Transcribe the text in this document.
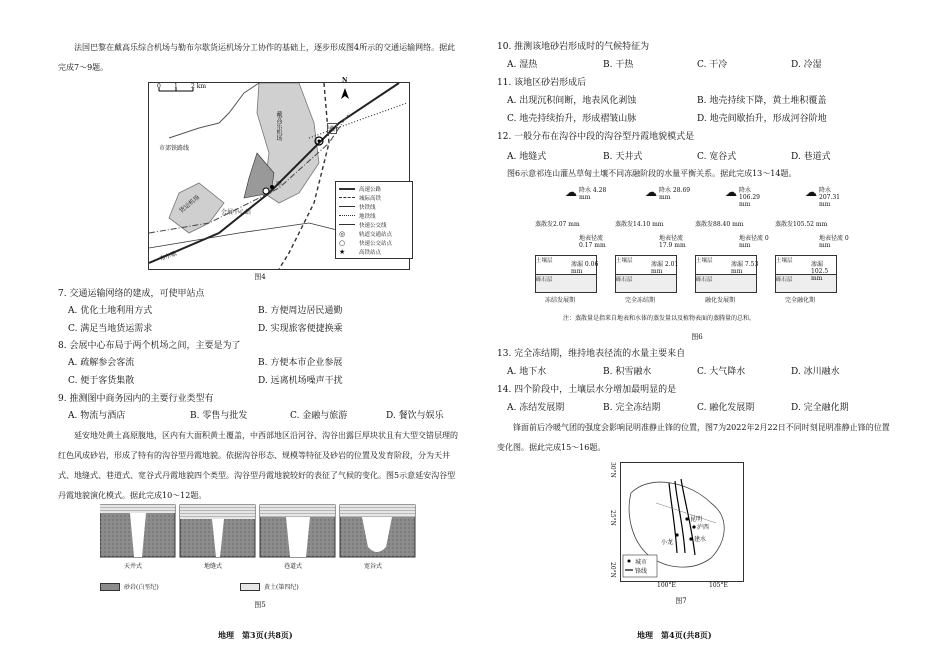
法国巴黎在戴高乐综合机场与勒布尔歇货运机场分工协作的基础上，逐步形成图4所示的交通运输网络。据此完成7～9题。

0 1 2 km
N
戴高乐机场	戴
甲
会展中心站
货运机场
布尔歇
市郊铁路线
高速公路
城际高铁
快铁线
地铁线
快速公交线
◎	轨道交通站点
○	快速公交站点
★	高铁站点
图4

7. 交通运输网络的建成，可使甲站点

A. 优化土地利用方式	B. 方便周边居民通勤
C. 满足当地货运需求	D. 实现旅客便捷换乘

8. 会展中心布局于两个机场之间，主要是为了

A. 疏解参会客流	B. 方便本市企业参展
C. 便于客货集散	D. 远离机场噪声干扰

9. 推测图中商务园内的主要行业类型有

A. 物流与酒店	B. 零售与批发	C. 金融与旅游	D. 餐饮与娱乐

延安地处黄土高原腹地，区内有大面积黄土覆盖，中西部地区沿河谷、沟谷出露巨厚块状且有大型交错层理的红色风成砂岩，形成了特有的沟谷型丹霞地貌。依据沟谷形态、规模等特征及砂岩的位置及发育阶段，分为天井式、地缝式、巷道式、宽谷式丹霞地貌四个类型。沟谷型丹霞地貌较好的表征了气候的变化。图5示意延安沟谷型丹霞地貌演化模式。据此完成10～12题。

天井式	地缝式	巷道式	宽谷式
砂岩(白垩纪)	黄土(第四纪)
图5
地理　第3页(共8页)

10. 推测该地砂岩形成时的气候特征为

A. 湿热	B. 干热	C. 干冷	D. 冷湿

11. 该地区砂岩形成后

A. 出现沉积间断，地表风化剥蚀	B. 地壳持续下降，黄土堆积覆盖
C. 地壳持续抬升，形成褶皱山脉	D. 地壳间歇抬升，形成河谷阶地

12. 一般分布在沟谷中段的沟谷型丹霞地貌模式是

A. 地缝式	B. 天井式	C. 宽谷式	D. 巷道式

图6示意祁连山灌丛草甸土壤不同冻融阶段的水量平衡关系。据此完成13～14题。

☁ 降水 4.28 mm
蒸散发2.07 mm
地表径流 0.17 mm
土壤层
砾石层
渗漏 0.06 mm
冻结发展期
☁ 降水 28.69 mm
蒸散发14.10 mm
地表径流 17.9 mm
土壤层
砾石层
渗漏 2.01 mm
完全冻结期
☁ 降水 106.29 mm
蒸散发88.40 mm
地表径流 0 mm
土壤层
砾石层
渗漏 7.53 mm
融化发展期
☁ 降水 207.31 mm
蒸散发105.52 mm
地表径流 0 mm
土壤层
砾石层
渗漏 102.5 mm
完全融化期

注：蒸散量是指来自地表和水体的蒸发量以及植物表面的蒸腾量的总和。

图6

13. 完全冻结期，维持地表径流的水量主要来自

A. 地下水	B. 积雪融水	C. 大气降水	D. 冰川融水

14. 四个阶段中，土壤层水分增加最明显的是

A. 冻结发展期	B. 完全冻结期	C. 融化发展期	D. 完全融化期

锋面前后冷暖气团的强度会影响昆明准静止锋的位置，图7为2022年2月22日不同时刻昆明准静止锋的位置变化图。据此完成15～16题。

昆明
泸西
小龙	建水
城市
锋线
30°N
25°N
20°N
100°E	105°E
图7
地理　第4页(共8页)
